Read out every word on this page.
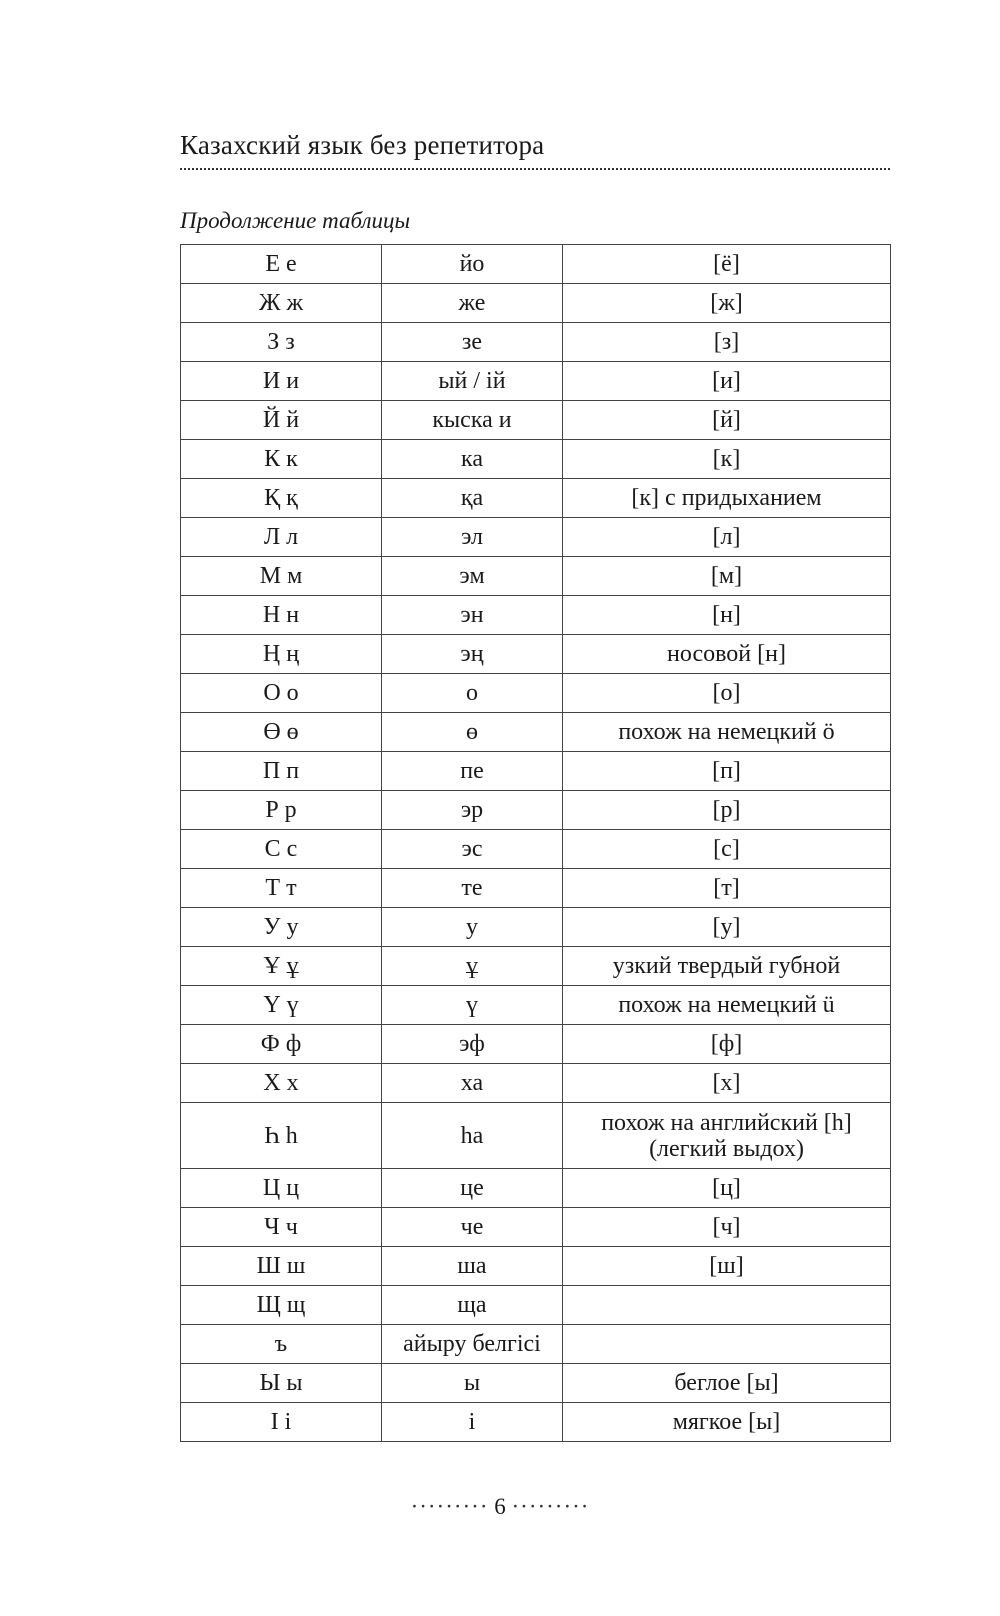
Казахский язык без репетитора
Продолжение таблицы
Е е	йо	[ё]
Ж ж	же	[ж]
З з	зе	[з]
И и	ый / ій	[и]
Й й	кыска и	[й]
К к	ка	[к]
Қ қ	қа	[к] с придыханием
Л л	эл	[л]
М м	эм	[м]
Н н	эн	[н]
Ң ң	эң	носовой [н]
О о	о	[о]
Ө ө	ө	похож на немецкий ö
П п	пе	[п]
Р р	эр	[р]
С с	эс	[с]
Т т	те	[т]
У у	у	[у]
Ұ ұ	ұ	узкий твердый губной
Ү ү	ү	похож на немецкий ü
Ф ф	эф	[ф]
Х х	ха	[х]
Һ һ	һа	похож на английский [h]
(легкий выдох)

Ц ц	це	[ц]
Ч ч	че	[ч]
Ш ш	ша	[ш]
Щ щ	ща	
ъ	айыру белгісі	
Ы ы	ы	беглое [ы]
І і	і	мягкое [ы]
········· 6 ·········
